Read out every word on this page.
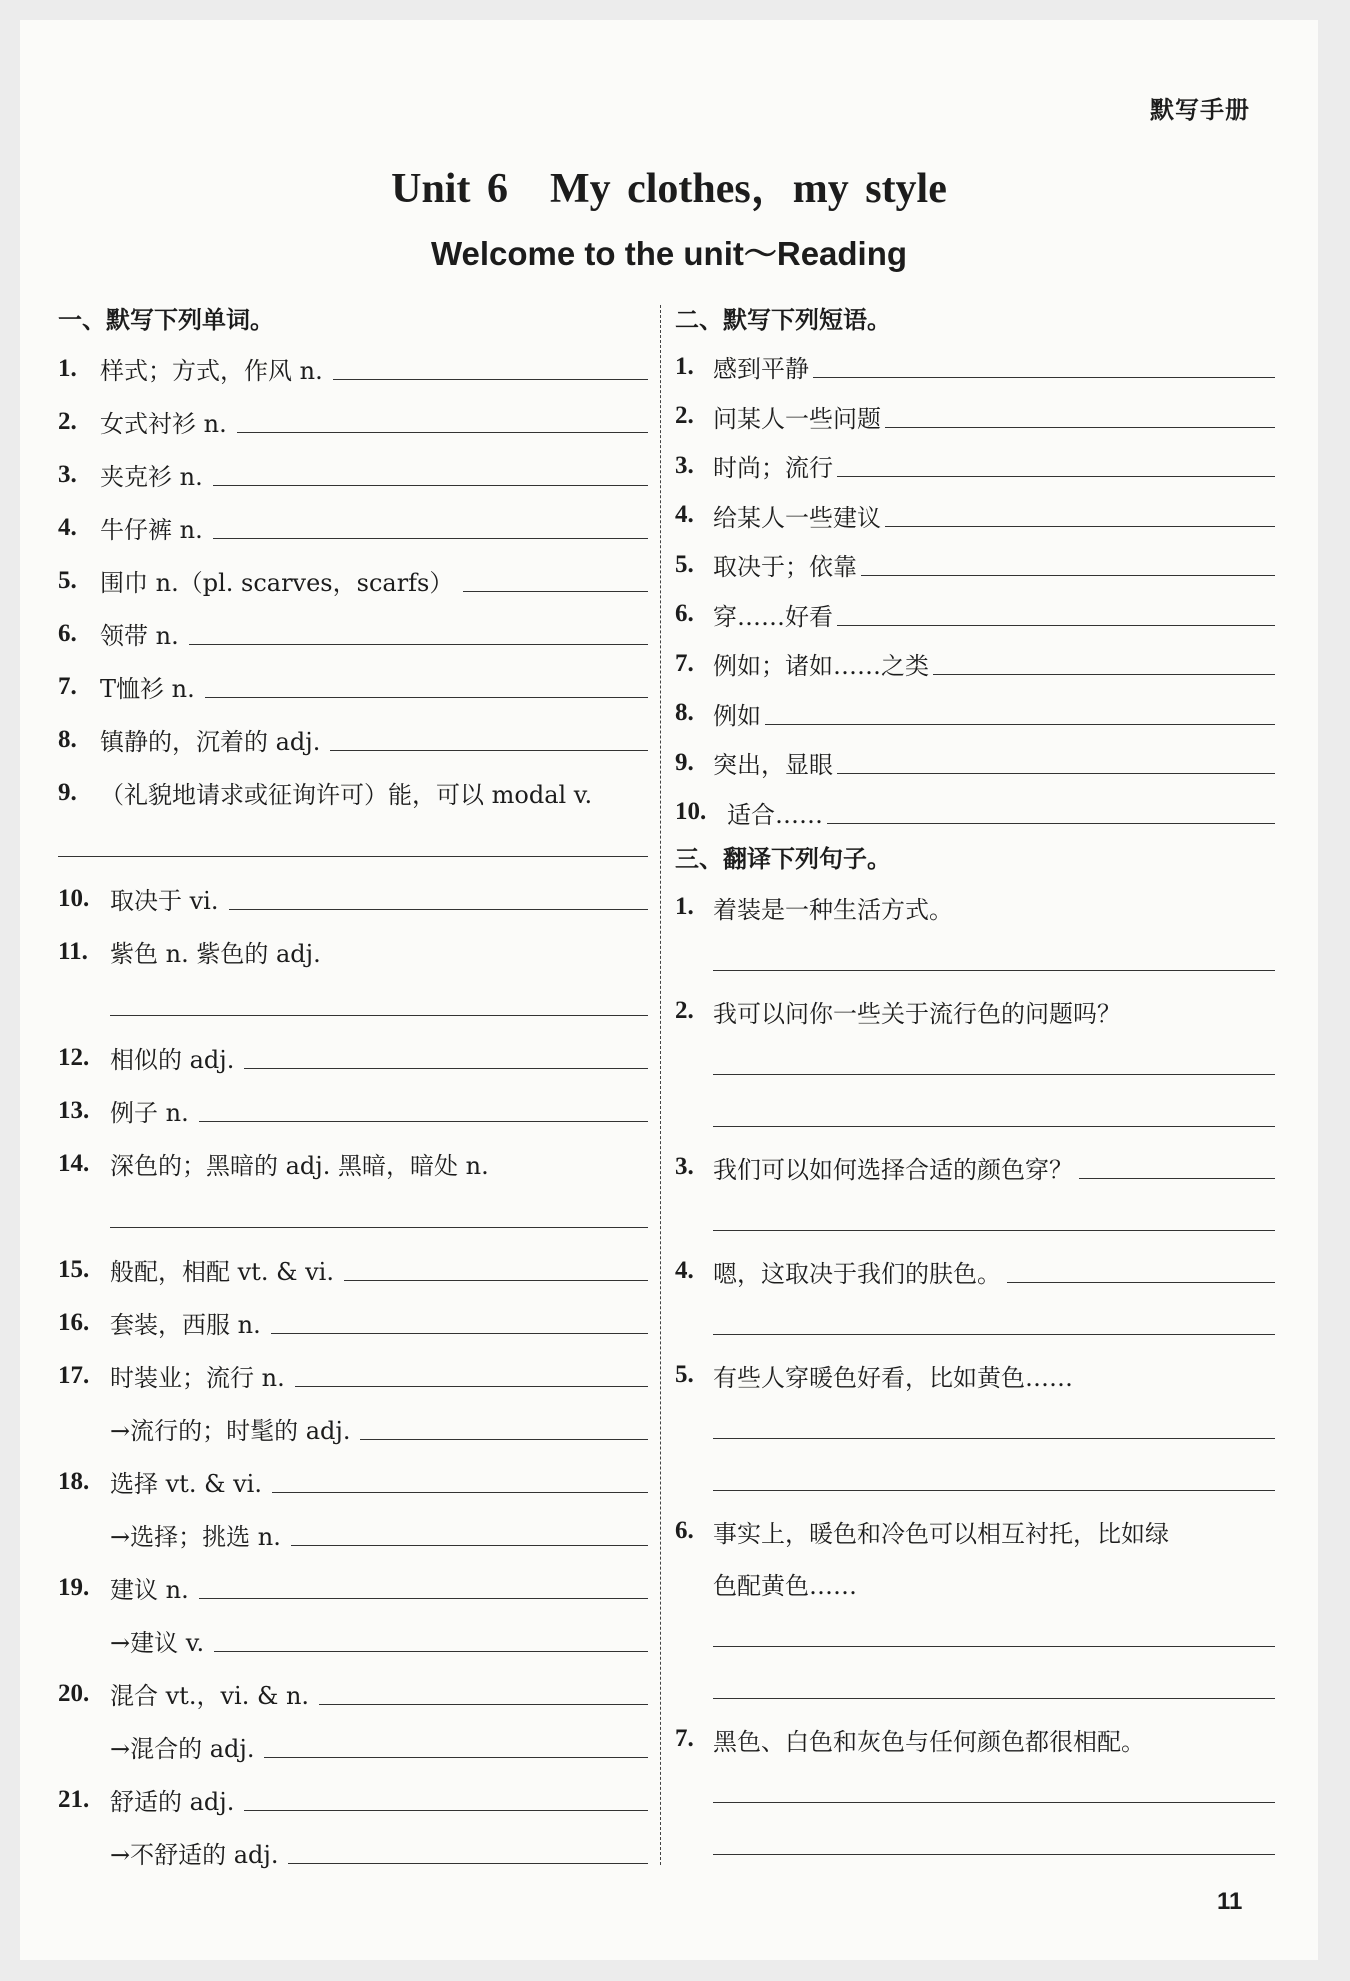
默写手册
Unit 6　My clothes，my style
Welcome to the unit～Reading
一、默写下列单词。
1. 样式；方式，作风 n.
2. 女式衬衫 n.
3. 夹克衫 n.
4. 牛仔裤 n.
5. 围巾 n.（pl. scarves，scarfs）
6. 领带 n.
7. T恤衫 n.
8. 镇静的，沉着的 adj.
9. （礼貌地请求或征询许可）能，可以 modal v.
10. 取决于 vi.
11. 紫色 n. 紫色的 adj.
12. 相似的 adj.
13. 例子 n.
14. 深色的；黑暗的 adj. 黑暗，暗处 n.
15. 般配，相配 vt. & vi.
16. 套装，西服 n.
17. 时装业；流行 n.
→流行的；时髦的 adj.
18. 选择 vt. & vi.
→选择；挑选 n.
19. 建议 n.
→建议 v.
20. 混合 vt.，vi. & n.
→混合的 adj.
21. 舒适的 adj.
→不舒适的 adj.
二、默写下列短语。
1. 感到平静
2. 问某人一些问题
3. 时尚；流行
4. 给某人一些建议
5. 取决于；依靠
6. 穿……好看
7. 例如；诸如……之类
8. 例如
9. 突出，显眼
10. 适合……
三、翻译下列句子。
1. 着装是一种生活方式。
2. 我可以问你一些关于流行色的问题吗？
3. 我们可以如何选择合适的颜色穿？
4. 嗯，这取决于我们的肤色。
5. 有些人穿暖色好看，比如黄色……
6. 事实上，暖色和冷色可以相互衬托，比如绿
色配黄色……
7. 黑色、白色和灰色与任何颜色都很相配。
11
